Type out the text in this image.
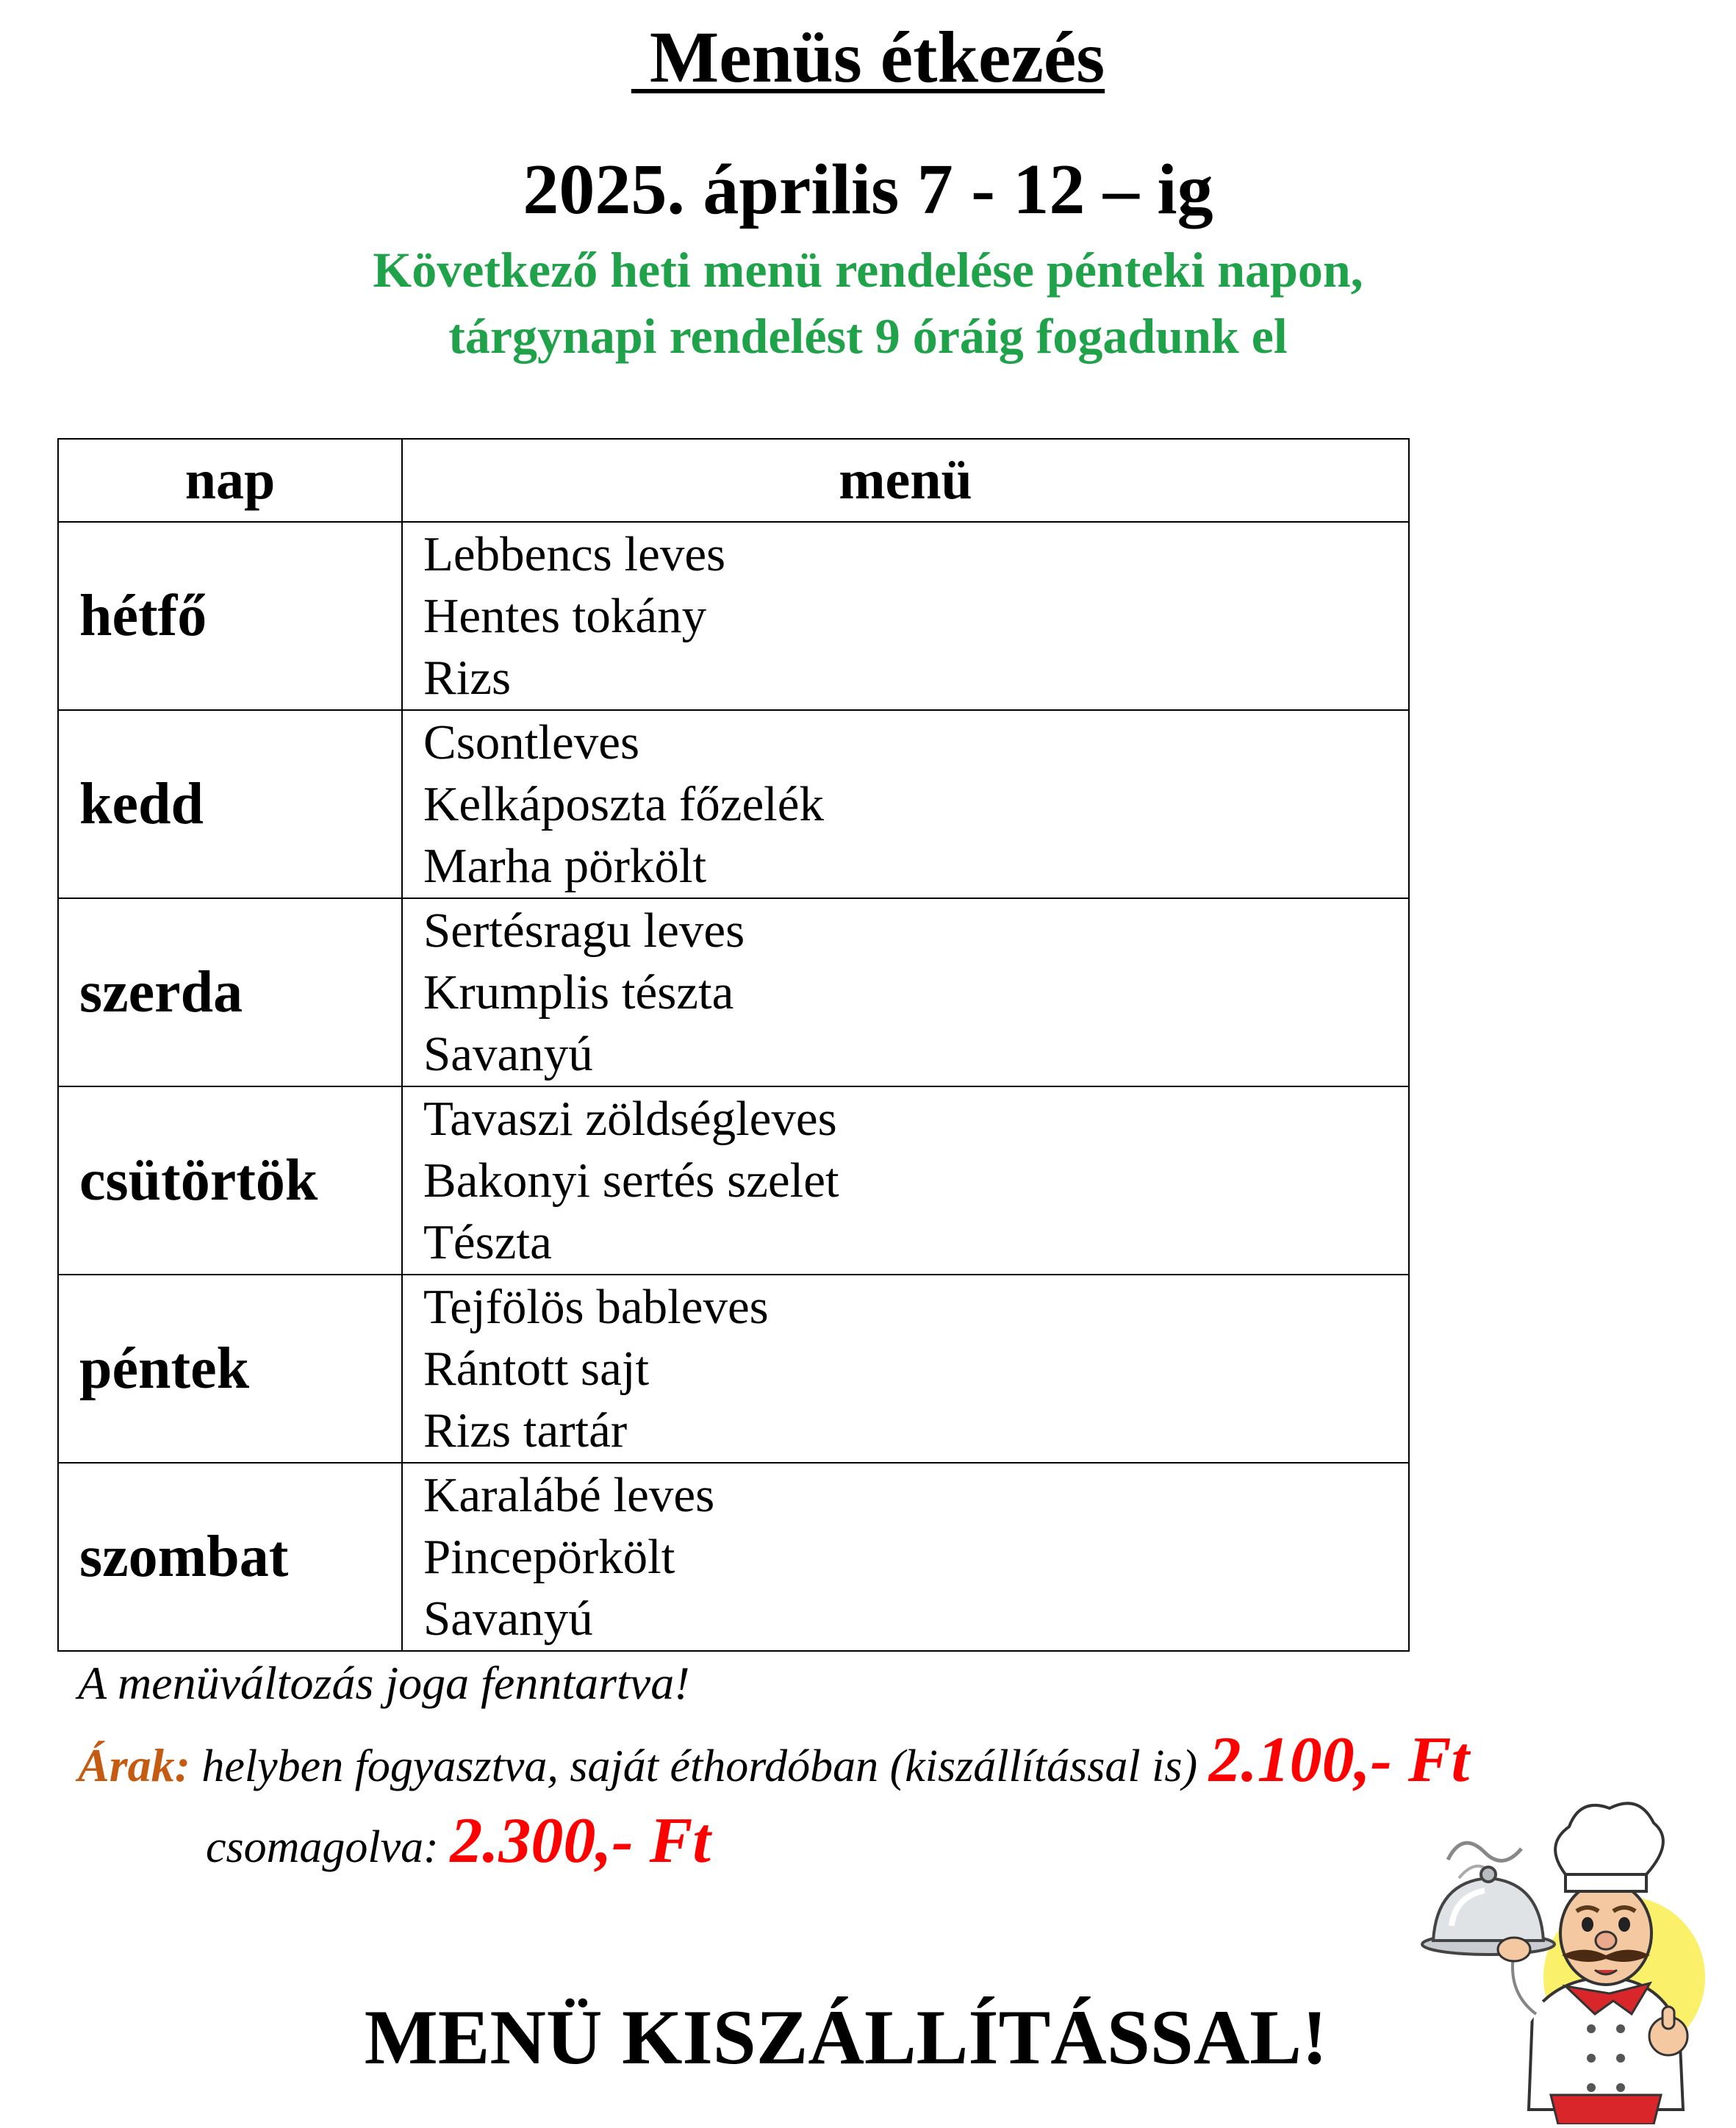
Menüs étkezés
2025. április 7 - 12 – ig
Következő heti menü rendelése pénteki napon,
tárgynapi rendelést 9 óráig fogadunk el
nap	menü
hétfő	Lebbencs leves
Hentes tokány
Rizs

kedd	Csontleves
Kelkáposzta főzelék
Marha pörkölt

szerda	Sertésragu leves
Krumplis tészta
Savanyú

csütörtök	Tavaszi zöldségleves
Bakonyi sertés szelet
Tészta

péntek	Tejfölös bableves
Rántott sajt
Rizs tartár

szombat	Karalábé leves
Pincepörkölt
Savanyú
A menüváltozás joga fenntartva!
Árak: helyben fogyasztva, saját éthordóban (kiszállítással is) 2.100,- Ft
csomagolva: 2.300,- Ft
MENÜ KISZÁLLÍTÁSSAL!
